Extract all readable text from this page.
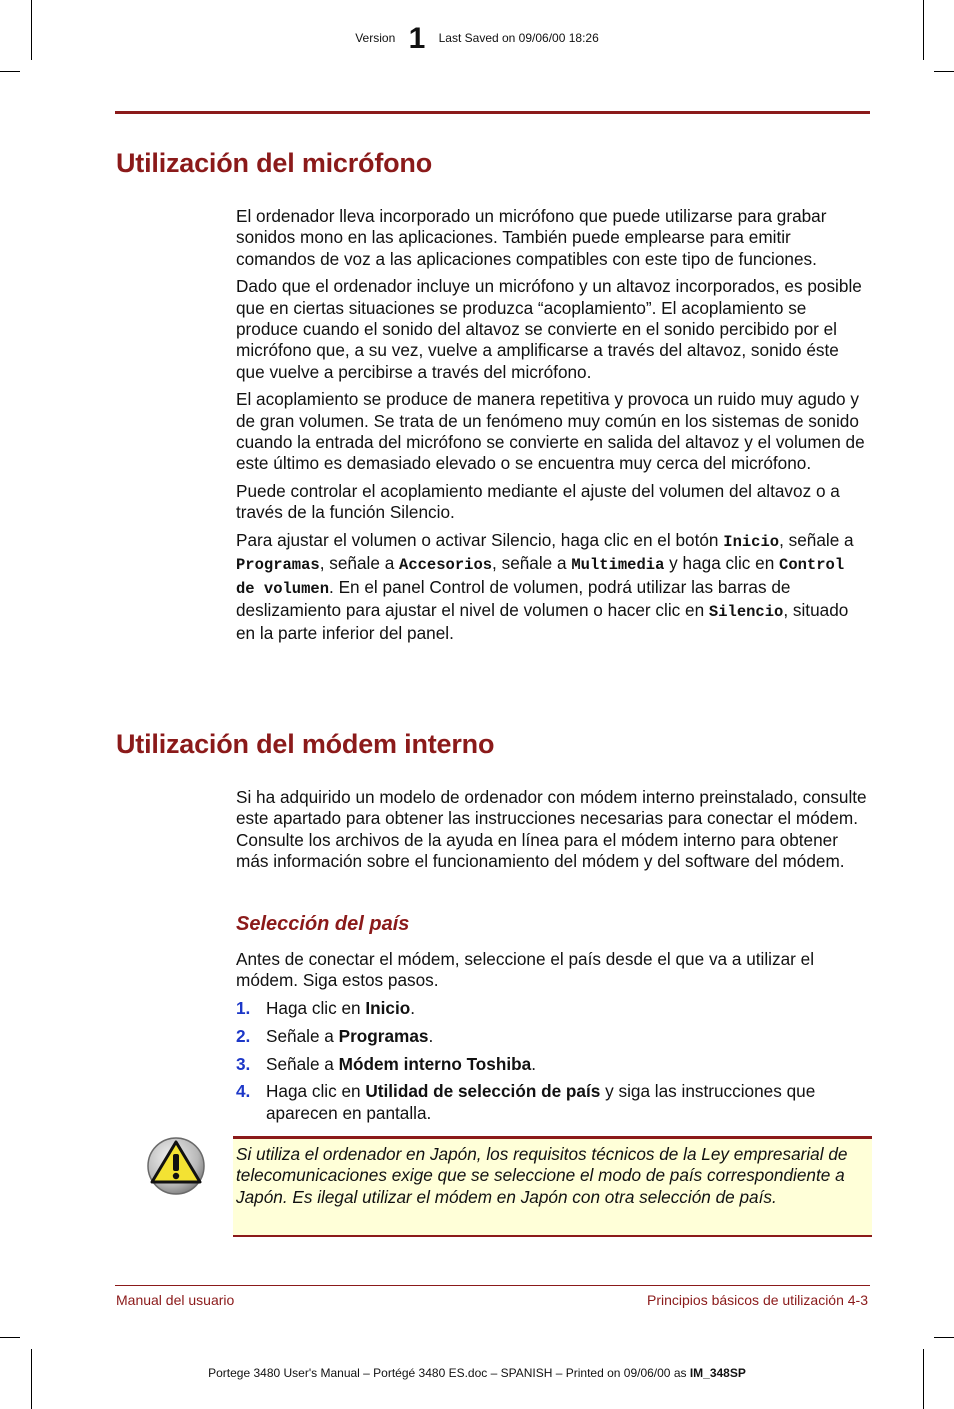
Version 1 Last Saved on 09/06/00 18:26
Utilización del micrófono

El ordenador lleva incorporado un micrófono que puede utilizarse para grabar sonidos mono en las aplicaciones. También puede emplearse para emitir comandos de voz a las aplicaciones compatibles con este tipo de funciones.

Dado que el ordenador incluye un micrófono y un altavoz incorporados, es posible que en ciertas situaciones se produzca “acoplamiento”. El acoplamiento se produce cuando el sonido del altavoz se convierte en el sonido percibido por el micrófono que, a su vez, vuelve a amplificarse a través del altavoz, sonido éste que vuelve a percibirse a través del micrófono.

El acoplamiento se produce de manera repetitiva y provoca un ruido muy agudo y de gran volumen. Se trata de un fenómeno muy común en los sistemas de sonido cuando la entrada del micrófono se convierte en salida del altavoz y el volumen de este último es demasiado elevado o se encuentra muy cerca del micrófono.

Puede controlar el acoplamiento mediante el ajuste del volumen del altavoz o a través de la función Silencio.

Para ajustar el volumen o activar Silencio, haga clic en el botón Inicio, señale a Programas, señale a Accesorios, señale a Multimedia y haga clic en Control de volumen. En el panel Control de volumen, podrá utilizar las barras de deslizamiento para ajustar el nivel de volumen o hacer clic en Silencio, situado en la parte inferior del panel.

Utilización del módem interno

Si ha adquirido un modelo de ordenador con módem interno preinstalado, consulte este apartado para obtener las instrucciones necesarias para conectar el módem. Consulte los archivos de la ayuda en línea para el módem interno para obtener más información sobre el funcionamiento del módem y del software del módem.

Selección del país

Antes de conectar el módem, seleccione el país desde el que va a utilizar el módem. Siga estos pasos.

1. Haga clic en Inicio.
2. Señale a Programas.
3. Señale a Módem interno Toshiba.
4. Haga clic en Utilidad de selección de país y siga las instrucciones que aparecen en pantalla.
Si utiliza el ordenador en Japón, los requisitos técnicos de la Ley empresarial de telecomunicaciones exige que se seleccione el modo de país correspondiente a Japón. Es ilegal utilizar el módem en Japón con otra selección de país.
Manual del usuario	Principios básicos de utilización 4-3
Portege 3480 User's Manual – Portégé 3480 ES.doc – SPANISH – Printed on 09/06/00 as IM_348SP
